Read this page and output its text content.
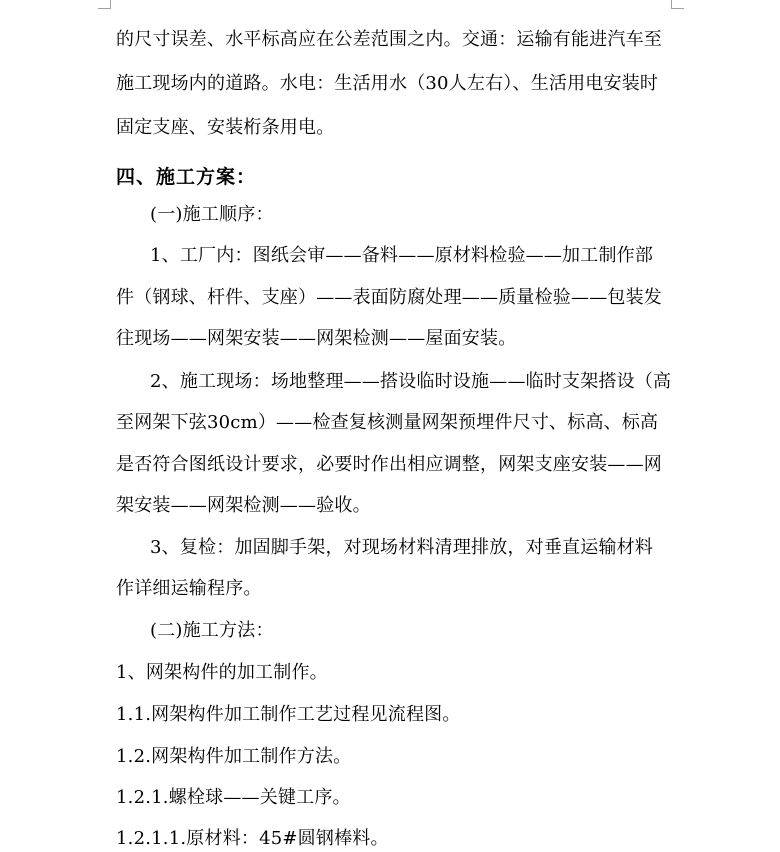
的尺寸误差、水平标高应在公差范围之内。交通：运输有能进汽车至
施工现场内的道路。水电：生活用水（30人左右）、生活用电安装时
固定支座、安装桁条用电。
四、施工方案：
(一)施工顺序：
1、工厂内：图纸会审——备料——原材料检验——加工制作部
件（钢球、杆件、支座）——表面防腐处理——质量检验——包装发
往现场——网架安装——网架检测——屋面安装。
2、施工现场：场地整理——搭设临时设施——临时支架搭设（高
至网架下弦30cm）——检查复核测量网架预埋件尺寸、标高、标高
是否符合图纸设计要求，必要时作出相应调整，网架支座安装——网
架安装——网架检测——验收。
3、复检：加固脚手架，对现场材料清理排放，对垂直运输材料
作详细运输程序。
(二)施工方法：
1、网架构件的加工制作。
1.1.网架构件加工制作工艺过程见流程图。
1.2.网架构件加工制作方法。
1.2.1.螺栓球——关键工序。
1.2.1.1.原材料：45#圆钢棒料。
